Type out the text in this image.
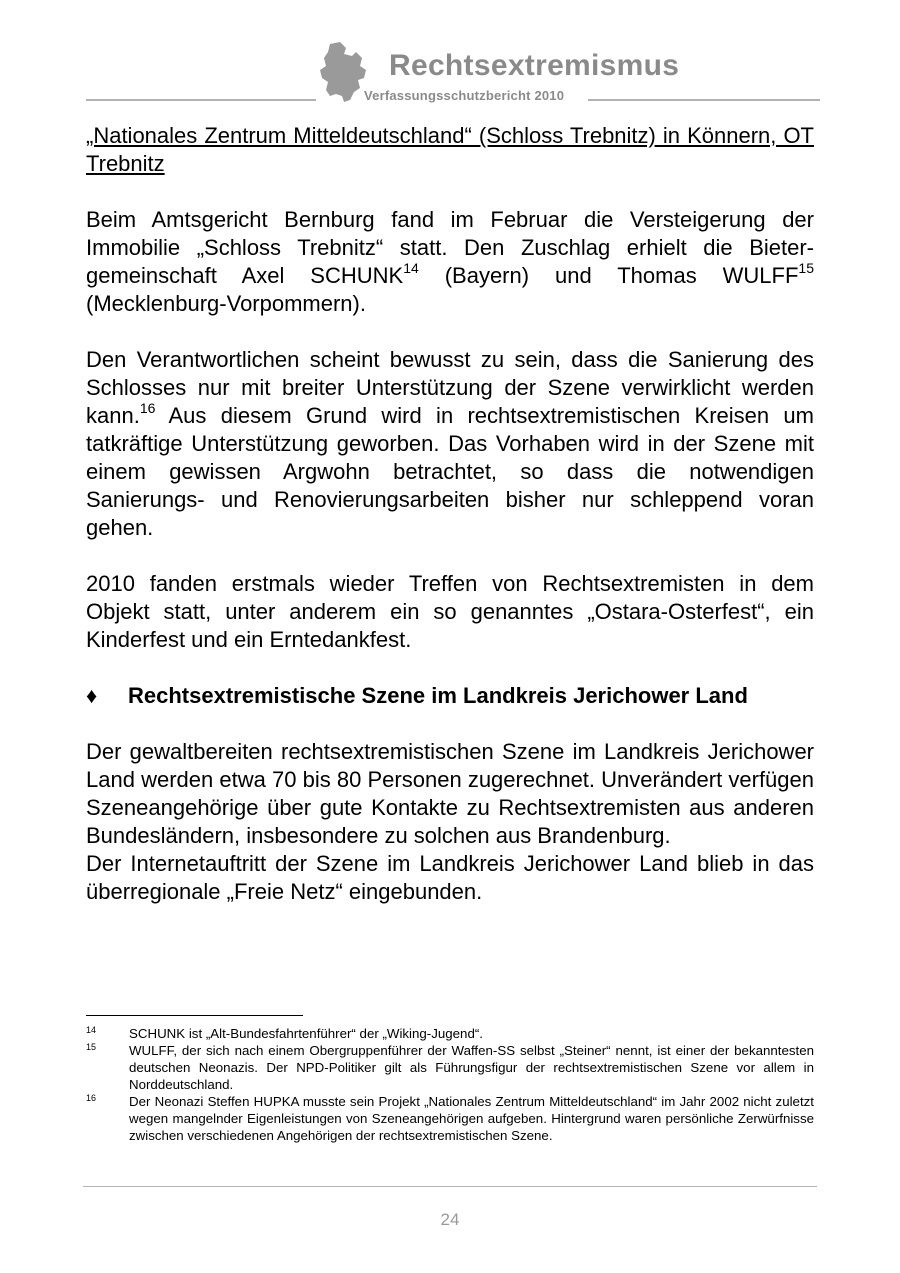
Rechtsextremismus
Verfassungsschutzbericht 2010

„Nationales Zentrum Mitteldeutschland“ (Schloss Trebnitz) in Könnern, OT Trebnitz

Beim Amtsgericht Bernburg fand im Februar die Versteigerung der Immobilie „Schloss Trebnitz“ statt. Den Zuschlag erhielt die Bietergemeinschaft Axel SCHUNK$^{14}$ (Bayern) und Thomas WULFF$^{15}$ (Mecklenburg-Vorpommern).

Den Verantwortlichen scheint bewusst zu sein, dass die Sanierung des Schlosses nur mit breiter Unterstützung der Szene verwirklicht werden kann.$^{16}$ Aus diesem Grund wird in rechtsextremistischen Kreisen um tatkräftige Unterstützung geworben. Das Vorhaben wird in der Szene mit einem gewissen Argwohn betrachtet, so dass die notwendigen Sanierungs- und Renovierungsarbeiten bisher nur schleppend voran gehen.

2010 fanden erstmals wieder Treffen von Rechtsextremisten in dem Objekt statt, unter anderem ein so genanntes „Ostara-Osterfest“, ein Kinderfest und ein Erntedankfest.

♦ Rechtsextremistische Szene im Landkreis Jerichower Land

Der gewaltbereiten rechtsextremistischen Szene im Landkreis Jerichower Land werden etwa 70 bis 80 Personen zugerechnet. Unverändert verfügen Szeneangehörige über gute Kontakte zu Rechtsextremisten aus anderen Bundesländern, insbesondere zu solchen aus Brandenburg.

Der Internetauftritt der Szene im Landkreis Jerichower Land blieb in das überregionale „Freie Netz“ eingebunden.

14 SCHUNK ist „Alt-Bundesfahrtenführer“ der „Wiking-Jugend“.

15 WULFF, der sich nach einem Obergruppenführer der Waffen-SS selbst „Steiner“ nennt, ist einer der bekanntesten deutschen Neonazis. Der NPD-Politiker gilt als Führungsfigur der rechtsextremistischen Szene vor allem in Norddeutschland.

16 Der Neonazi Steffen HUPKA musste sein Projekt „Nationales Zentrum Mitteldeutschland“ im Jahr 2002 nicht zuletzt wegen mangelnder Eigenleistungen von Szeneangehörigen aufgeben. Hintergrund waren persönliche Zerwürfnisse zwischen verschiedenen Angehörigen der rechtsextremistischen Szene.

24
